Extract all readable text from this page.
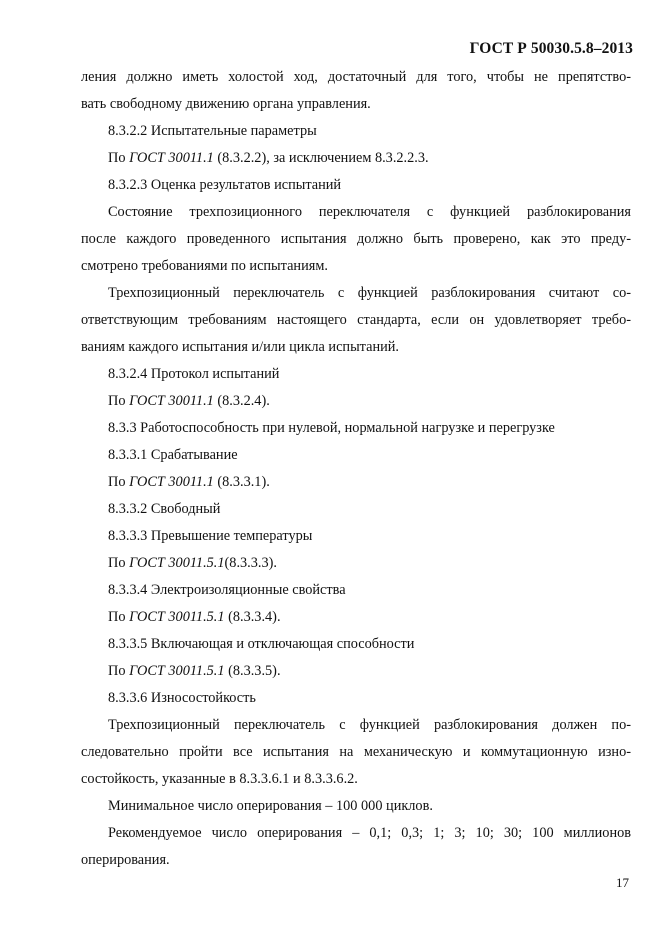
ГОСТ Р 50030.5.8–2013
ления должно иметь холостой ход, достаточный для того, чтобы не препятство-
вать свободному движению органа управления.
8.3.2.2 Испытательные параметры
По ГОСТ 30011.1 (8.3.2.2), за исключением 8.3.2.2.3.
8.3.2.3 Оценка результатов испытаний
Состояние трехпозиционного переключателя с функцией разблокирования
после каждого проведенного испытания должно быть проверено, как это преду-
смотрено требованиями по испытаниям.
Трехпозиционный переключатель с функцией разблокирования считают со-
ответствующим требованиям настоящего стандарта, если он удовлетворяет требо-
ваниям каждого испытания и/или цикла испытаний.
8.3.2.4 Протокол испытаний
По ГОСТ 30011.1 (8.3.2.4).
8.3.3 Работоспособность при нулевой, нормальной нагрузке и перегрузке
8.3.3.1 Срабатывание
По ГОСТ 30011.1 (8.3.3.1).
8.3.3.2 Свободный
8.3.3.3 Превышение температуры
По ГОСТ 30011.5.1(8.3.3.3).
8.3.3.4 Электроизоляционные свойства
По ГОСТ 30011.5.1 (8.3.3.4).
8.3.3.5 Включающая и отключающая способности
По ГОСТ 30011.5.1 (8.3.3.5).
8.3.3.6 Износостойкость
Трехпозиционный переключатель с функцией разблокирования должен по-
следовательно пройти все испытания на механическую и коммутационную изно-
состойкость, указанные в 8.3.3.6.1 и 8.3.3.6.2.
Минимальное число оперирования – 100 000 циклов.
Рекомендуемое число оперирования – 0,1; 0,3; 1; 3; 10; 30; 100 миллионов
оперирования.
17
